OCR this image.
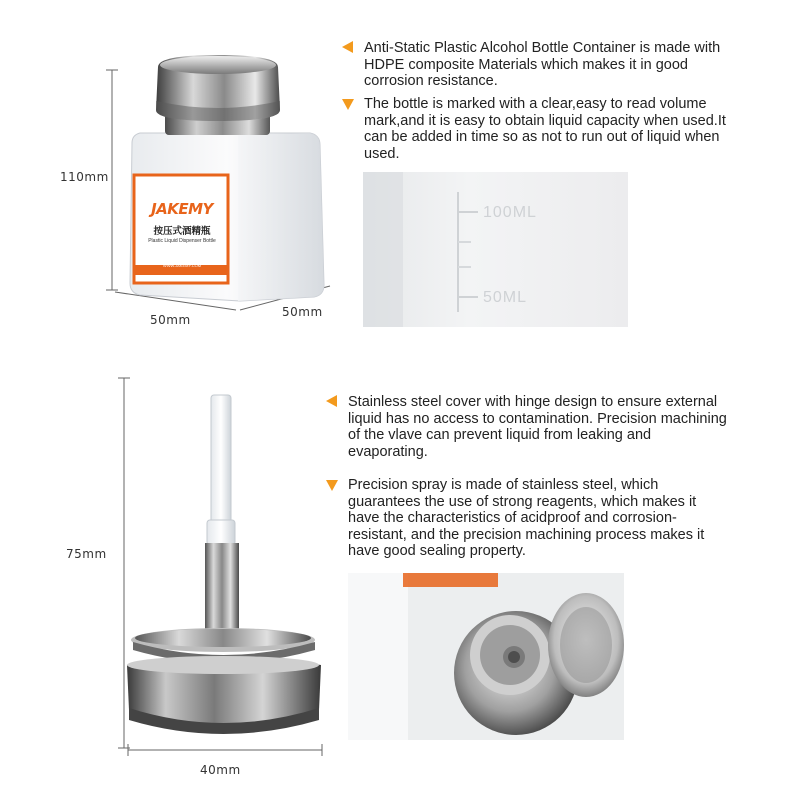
110mm
50mm
50mm
JAKEMY
按压式酒精瓶
Plastic Liquid Dispenser Bottle
WWW.JAKEMY.COM
Anti-Static Plastic Alcohol Bottle Container is made with HDPE composite Materials which makes it in good corrosion resistance.
The bottle is marked with a clear,easy to read volume mark,and it is easy to obtain liquid capacity when used.It can be added in time so as not to run out of liquid when used.
100ML
50ML
75mm
40mm
Stainless steel cover with hinge design to ensure external liquid has no access to contamination. Precision machining of the vlave can prevent liquid from leaking and evaporating.
Precision spray is made of stainless steel, which guarantees the use of strong reagents, which makes it have the characteristics of acidproof and corrosion-resistant, and the precision machining process makes it have good sealing property.
